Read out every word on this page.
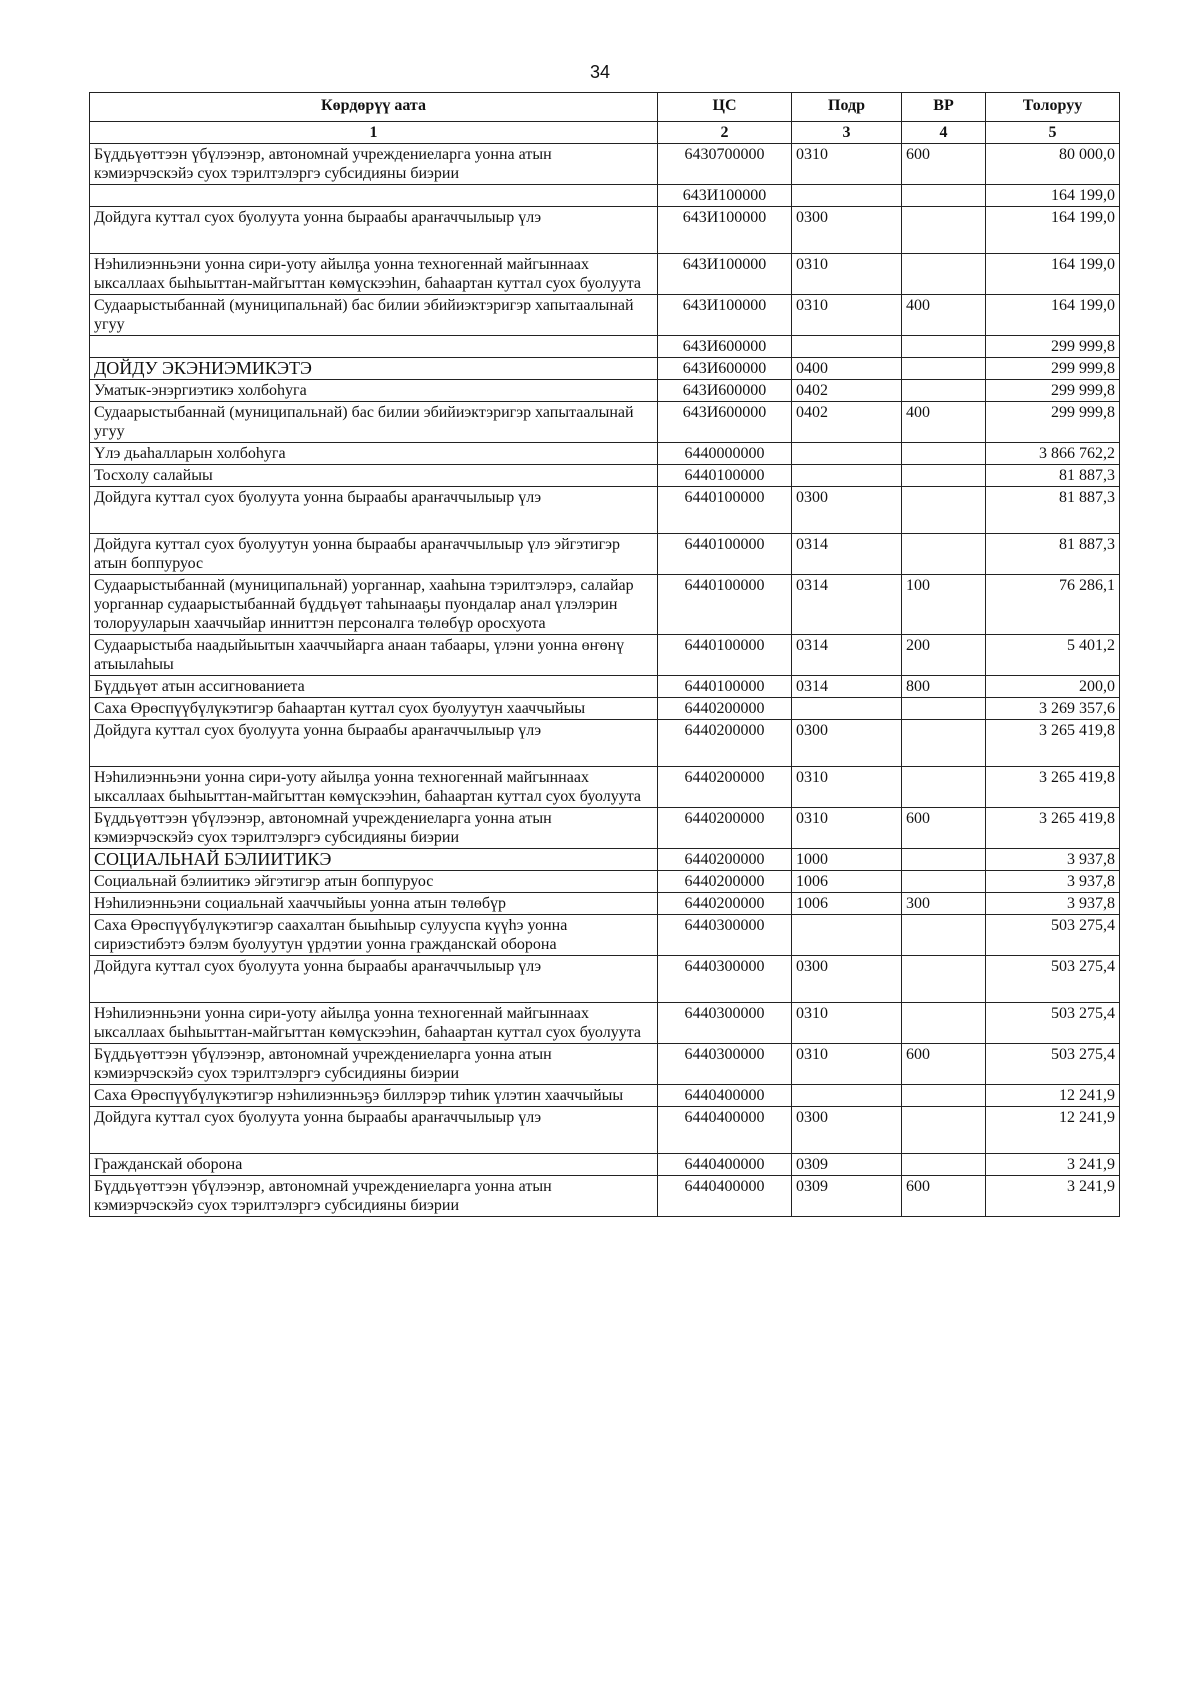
34
Көрдөрүү аата	ЦС	Подр	ВР	Толоруу
1	2	3	4	5
Бүддьүөттээн үбүлээнэр, автономнай учреждениеларга уонна атын кэмиэрчэскэйэ суох тэрилтэлэргэ субсидияны биэрии	6430700000	0310	600	80 000,0
	643И100000			164 199,0
Дойдуга куттал суох буолуута уонна быраабы араҥаччылыыр үлэ	643И100000	0300		164 199,0
Нэһилиэнньэни уонна сири-уоту айылҕа уонна техногеннай майгыннаах ыксаллаах быһыыттан-майгыттан көмүскээһин, баһаартан куттал суох буолуута	643И100000	0310		164 199,0
Судаарыстыбаннай (муниципальнай) бас билии эбийиэктэригэр хапытаалынай угуу	643И100000	0310	400	164 199,0
	643И600000			299 999,8
ДОЙДУ ЭКЭНИЭМИКЭТЭ	643И600000	0400		299 999,8
Уматык-энэргиэтикэ холбоһуга	643И600000	0402		299 999,8
Судаарыстыбаннай (муниципальнай) бас билии эбийиэктэригэр хапытаалынай угуу	643И600000	0402	400	299 999,8
Үлэ дьаһалларын холбоһуга	6440000000			3 866 762,2
Тосхолу салайыы	6440100000			81 887,3
Дойдуга куттал суох буолуута уонна быраабы араҥаччылыыр үлэ	6440100000	0300		81 887,3
Дойдуга куттал суох буолуутун уонна быраабы араҥаччылыыр үлэ эйгэтигэр атын боппуруос	6440100000	0314		81 887,3
Судаарыстыбаннай (муниципальнай) уорганнар, хааһына тэрилтэлэрэ, салайар уорганнар судаарыстыбаннай бүддьүөт таһынааҕы пуондалар анал үлэлэрин толорууларын хааччыйар инниттэн персоналга төлөбүр оросхуота	6440100000	0314	100	76 286,1
Судаарыстыба наадыйыытын хааччыйарга анаан табаары, үлэни уонна өҥөнү атыылаһыы	6440100000	0314	200	5 401,2
Бүддьүөт атын ассигнованиета	6440100000	0314	800	200,0
Саха Өрөспүүбүлүкэтигэр баһаартан куттал суох буолуутун хааччыйыы	6440200000			3 269 357,6
Дойдуга куттал суох буолуута уонна быраабы араҥаччылыыр үлэ	6440200000	0300		3 265 419,8
Нэһилиэнньэни уонна сири-уоту айылҕа уонна техногеннай майгыннаах ыксаллаах быһыыттан-майгыттан көмүскээһин, баһаартан куттал суох буолуута	6440200000	0310		3 265 419,8
Бүддьүөттээн үбүлээнэр, автономнай учреждениеларга уонна атын кэмиэрчэскэйэ суох тэрилтэлэргэ субсидияны биэрии	6440200000	0310	600	3 265 419,8
СОЦИАЛЬНАЙ БЭЛИИТИКЭ	6440200000	1000		3 937,8
Социальнай бэлиитикэ эйгэтигэр атын боппуруос	6440200000	1006		3 937,8
Нэһилиэнньэни социальнай хааччыйыы уонна атын төлөбүр	6440200000	1006	300	3 937,8
Саха Өрөспүүбүлүкэтигэр саахалтан быыһыыр сулууспа күүһэ уонна сириэстибэтэ бэлэм буолуутун үрдэтии уонна гражданскай оборона	6440300000			503 275,4
Дойдуга куттал суох буолуута уонна быраабы араҥаччылыыр үлэ	6440300000	0300		503 275,4
Нэһилиэнньэни уонна сири-уоту айылҕа уонна техногеннай майгыннаах ыксаллаах быһыыттан-майгыттан көмүскээһин, баһаартан куттал суох буолуута	6440300000	0310		503 275,4
Бүддьүөттээн үбүлээнэр, автономнай учреждениеларга уонна атын кэмиэрчэскэйэ суох тэрилтэлэргэ субсидияны биэрии	6440300000	0310	600	503 275,4
Саха Өрөспүүбүлүкэтигэр нэһилиэнньэҕэ биллэрэр тиһик үлэтин хааччыйыы	6440400000			12 241,9
Дойдуга куттал суох буолуута уонна быраабы араҥаччылыыр үлэ	6440400000	0300		12 241,9
Гражданскай оборона	6440400000	0309		3 241,9
Бүддьүөттээн үбүлээнэр, автономнай учреждениеларга уонна атын кэмиэрчэскэйэ суох тэрилтэлэргэ субсидияны биэрии	6440400000	0309	600	3 241,9
